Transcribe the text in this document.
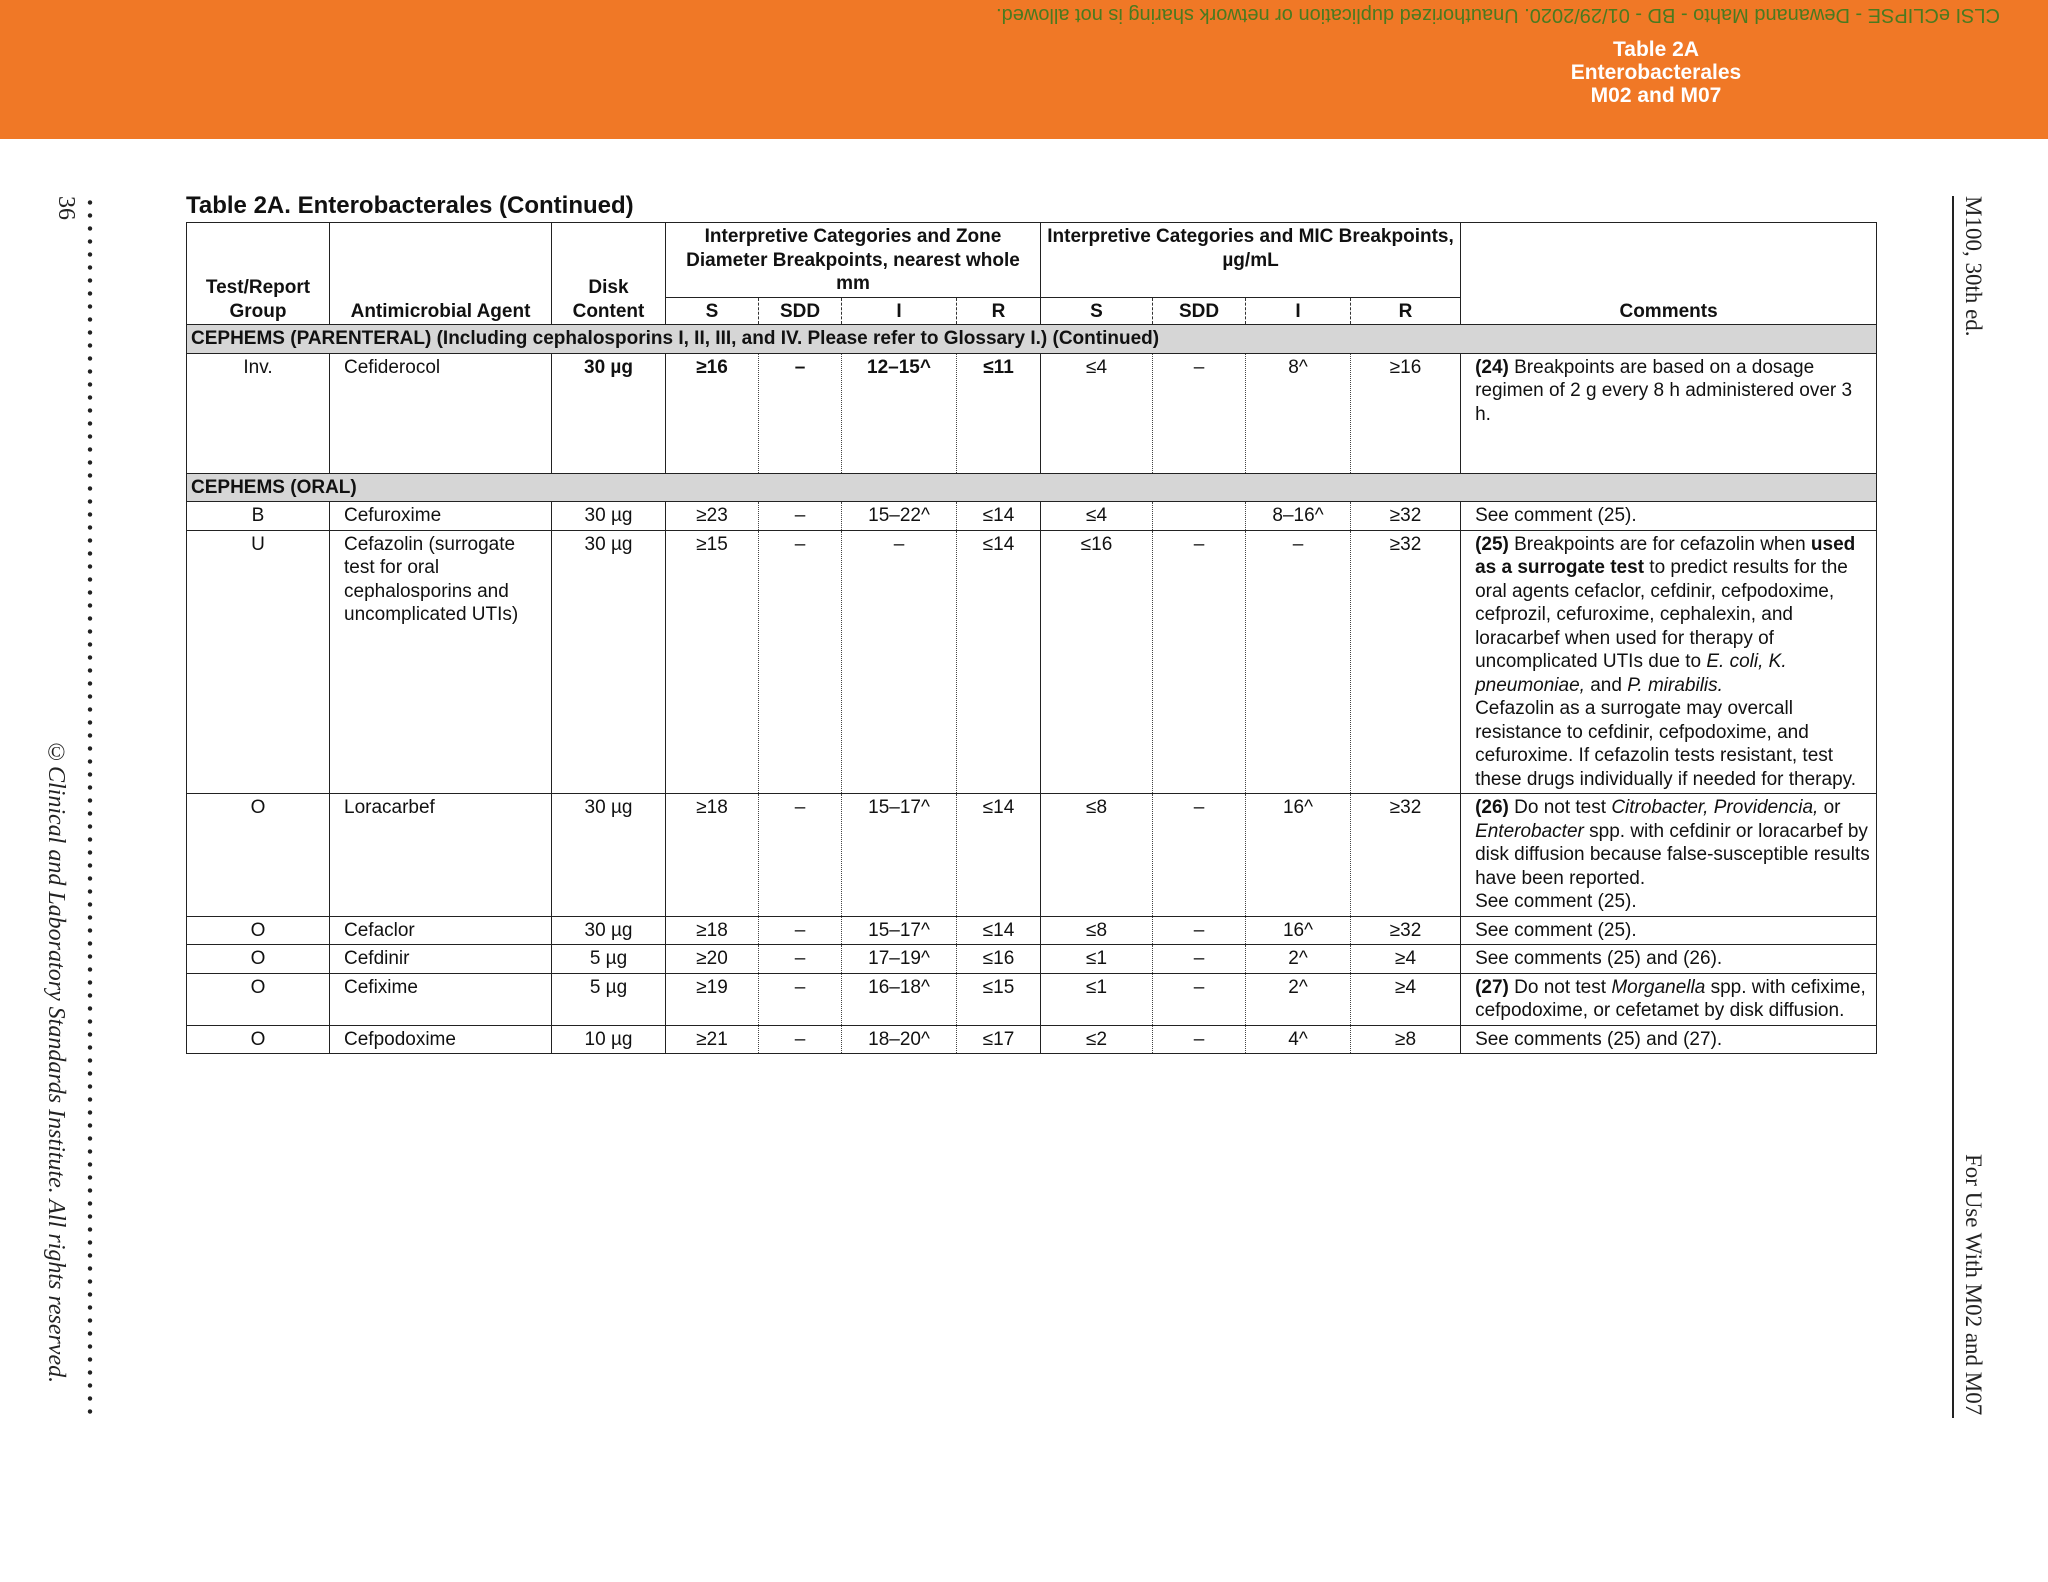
CLSI eCLIPSE - Dewanand Mahto - BD - 01/29/2020. Unauthorized duplication or network sharing is not allowed.
Table 2A
Enterobacterales
M02 and M07
36
©Clinical and Laboratory Standards Institute. All rights reserved.
M100, 30th ed.
For Use With M02 and M07
Table 2A. Enterobacterales (Continued)
Test/Report Group	Antimicrobial Agent	Disk Content	Interpretive Categories and Zone Diameter Breakpoints, nearest whole mm				Interpretive Categories and MIC Breakpoints, µg/mL				Comments
			S	SDD	I	R	S	SDD	I	R	
CEPHEMS (PARENTERAL) (Including cephalosporins I, II, III, and IV. Please refer to Glossary I.) (Continued)											
Inv.	Cefiderocol	30 µg	≥16	–	12–15^	≤11	≤4	–	8^	≥16	(24) Breakpoints are based on a dosage regimen of 2 g every 8 h administered over 3 h.
CEPHEMS (ORAL)											
B	Cefuroxime	30 µg	≥23	–	15–22^	≤14	≤4		8–16^	≥32	See comment (25).
U	Cefazolin (surrogate test for oral cephalosporins and uncomplicated UTIs)	30 µg	≥15	–	–	≤14	≤16	–	–	≥32	(25) Breakpoints are for cefazolin when used as a surrogate test to predict results for the oral agents cefaclor, cefdinir, cefpodoxime, cefprozil, cefuroxime, cephalexin, and loracarbef when used for therapy of uncomplicated UTIs due to E. coli, K. pneumoniae, and P. mirabilis.
Cefazolin as a surrogate may overcall resistance to cefdinir, cefpodoxime, and cefuroxime. If cefazolin tests resistant, test these drugs individually if needed for therapy.
O	Loracarbef	30 µg	≥18	–	15–17^	≤14	≤8	–	16^	≥32	(26) Do not test Citrobacter, Providencia, or Enterobacter spp. with cefdinir or loracarbef by disk diffusion because false-susceptible results have been reported.
See comment (25).
O	Cefaclor	30 µg	≥18	–	15–17^	≤14	≤8	–	16^	≥32	See comment (25).
O	Cefdinir	5 µg	≥20	–	17–19^	≤16	≤1	–	2^	≥4	See comments (25) and (26).
O	Cefixime	5 µg	≥19	–	16–18^	≤15	≤1	–	2^	≥4	(27) Do not test Morganella spp. with cefixime, cefpodoxime, or cefetamet by disk diffusion.
O	Cefpodoxime	10 µg	≥21	–	18–20^	≤17	≤2	–	4^	≥8	See comments (25) and (27).
